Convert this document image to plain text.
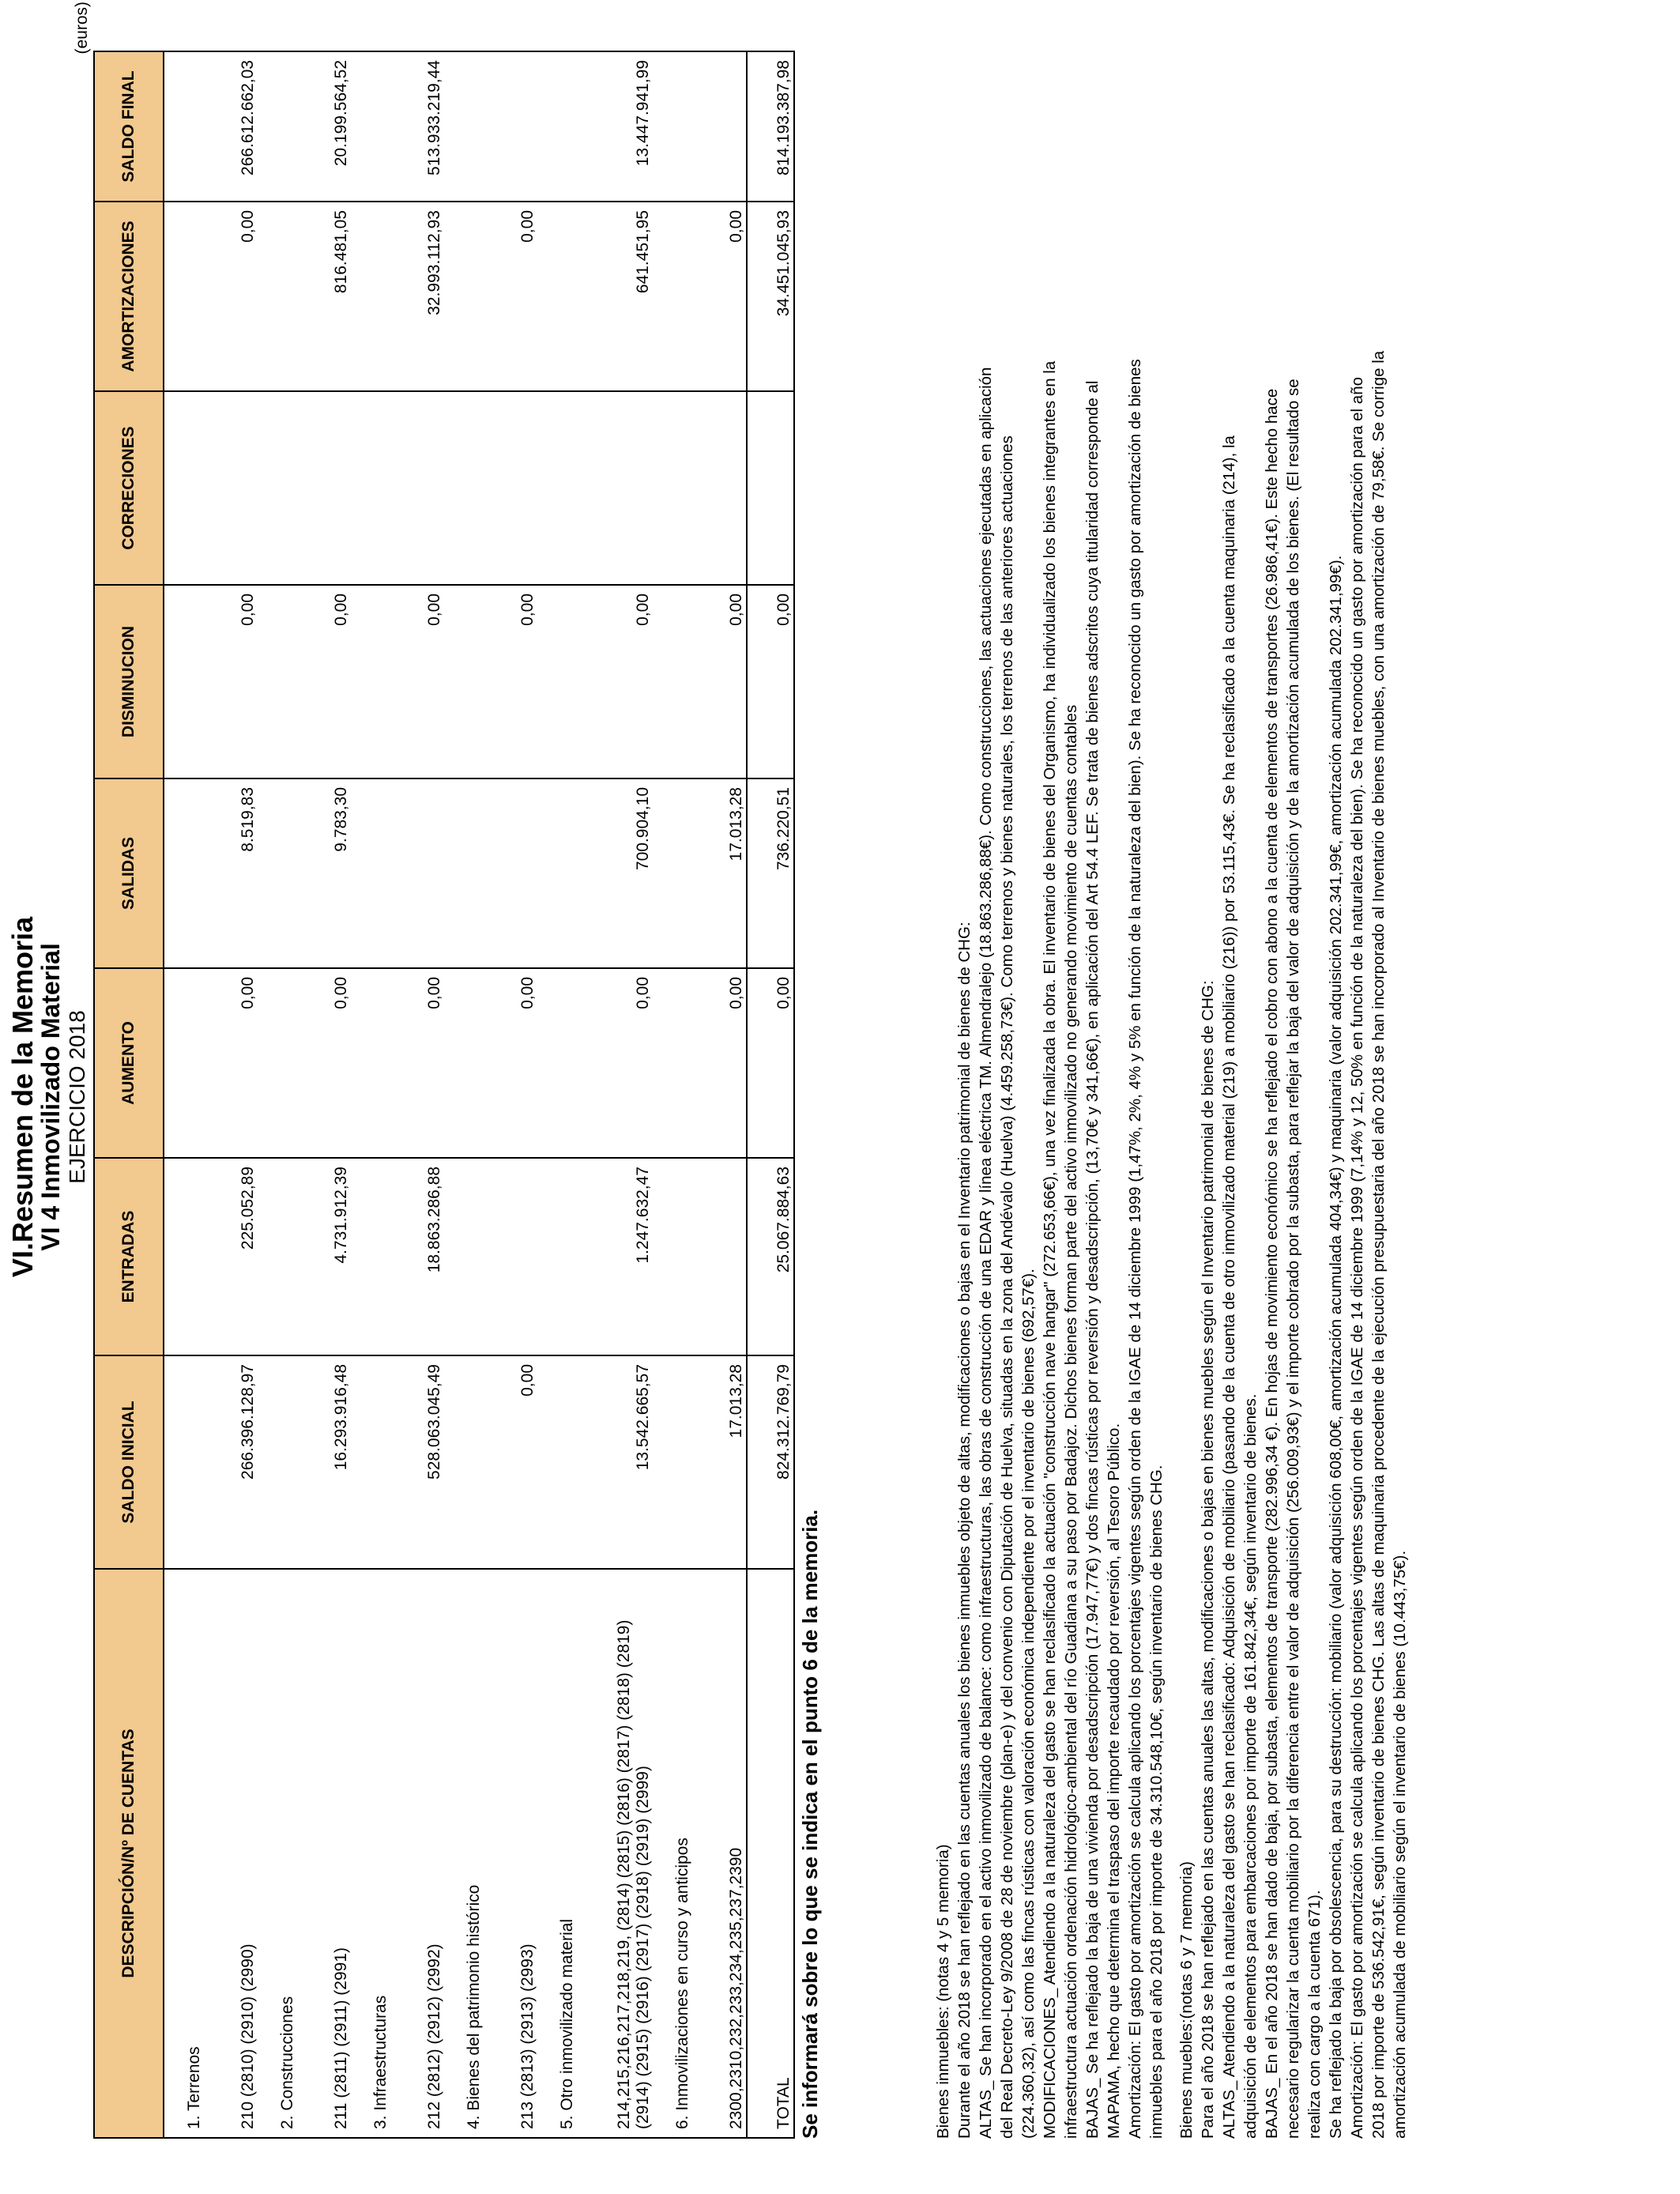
VI.Resumen de la Memoria
VI 4 Inmovilizado Material EJERCICIO 2018
(euros)
DESCRIPCIÓN/Nº DE CUENTAS	SALDO INICIAL	ENTRADAS	AUMENTO	SALIDAS	DISMINUCION	CORRECIONES	AMORTIZACIONES	SALDO FINAL
1. Terrenos								
210 (2810) (2910) (2990)	266.396.128,97	225.052,89	0,00	8.519,83	0,00		0,00	266.612.662,03
2. Construcciones								
211 (2811) (2911) (2991)	16.293.916,48	4.731.912,39	0,00	9.783,30	0,00		816.481,05	20.199.564,52
3. Infraestructuras								
212 (2812) (2912) (2992)	528.063.045,49	18.863.286,88	0,00		0,00		32.993.112,93	513.933.219,44
4. Bienes del patrimonio histórico								
213 (2813) (2913) (2993)	0,00		0,00		0,00		0,00	
5. Otro inmovilizado material								
214,215,216,217,218,219, (2814) (2815) (2816) (2817) (2818) (2819) (2914) (2915) (2916) (2917) (2918) (2919) (2999)	13.542.665,57	1.247.632,47	0,00	700.904,10	0,00		641.451,95	13.447.941,99
6. Inmovilizaciones en curso y anticipos								
2300,2310,232,233,234,235,237,2390	17.013,28		0,00	17.013,28	0,00		0,00	
TOTAL	824.312.769,79	25.067.884,63	0,00	736.220,51	0,00		34.451.045,93	814.193.387,98
Se informará sobre lo que se indica en el punto 6 de la memoria.	Bienes inmuebles: (notas 4 y 5 memoria) Durante el año 2018 se han reflejado en las cuentas anuales los bienes inmuebles objeto de altas, modificaciones o bajas en el Inventario patrimonial de bienes de CHG: ALTAS_ Se han incorporado en el activo inmovilizado de balance: como infraestructuras, las obras de construcción de una EDAR y línea eléctrica TM. Almendralejo (18.863.286,88€). Como construcciones, las actuaciones ejecutadas en aplicación del Real Decreto-Ley 9/2008 de 28 de noviembre (plan-e) y del convenio con Diputación de Huelva, situadas en la zona del Andévalo (Huelva) (4.459.258,73€). Como terrenos y bienes naturales, los terrenos de las anteriores actuaciones (224.360,32), así como las fincas rústicas con valoración económica independiente por el inventario de bienes (692,57€). MODIFICACIONES_ Atendiendo a la naturaleza del gasto se han reclasificado la actuación "construcción nave hangar" (272.653,66€), una vez finalizada la obra. El inventario de bienes del Organismo, ha individualizado los bienes integrantes en la infraestructura actuación ordenación hidrológico-ambiental del río Guadiana a su paso por Badajoz. Dichos bienes forman parte del activo inmovilizado no generando movimiento de cuentas contables BAJAS_ Se ha reflejado la baja de una vivienda por desadscripción (17.947,77€) y dos fincas rústicas por reversión y desadscripción, (13,70€ y 341,66€), en aplicación del Art 54.4 LEF. Se trata de bienes adscritos cuya titularidad corresponde al MAPAMA, hecho que determina el traspaso del importe recaudado por reversión, al Tesoro Público. Amortización: El gasto por amortización se calcula aplicando los porcentajes vigentes según orden de la IGAE de 14 diciembre 1999 (1,47%, 2%, 4% y 5% en función de la naturaleza del bien). Se ha reconocido un gasto por amortización de bienes inmuebles para el año 2018 por importe de 34.310.548,10€, según inventario de bienes CHG. Bienes muebles:(notas 6 y 7 memoria) Para el año 2018 se han reflejado en las cuentas anuales las altas, modificaciones o bajas en bienes muebles según el Inventario patrimonial de bienes de CHG: ALTAS_ Atendiendo a la naturaleza del gasto se han reclasificado: Adquisición de mobiliario (pasando de la cuenta de otro inmovilizado material (219) a mobiliario (216)) por 53.115,43€. Se ha reclasificado a la cuenta maquinaria (214), la adquisición de elementos para embarcaciones por importe de 161.842,34€, según inventario de bienes. BAJAS_ En el año 2018 se han dado de baja, por subasta, elementos de transporte (282.996,34 €). En hojas de movimiento económico se ha reflejado el cobro con abono a la cuenta de elementos de transportes (26.986,41€). Este hecho hace necesario regularizar la cuenta mobiliario por la diferencia entre el valor de adquisición (256.009,93€) y el importe cobrado por la subasta, para reflejar la baja del valor de adquisición y de la amortización acumulada de los bienes. (El resultado se realiza con cargo a la cuenta 671). Se ha reflejado la baja por obsolescencia, para su destrucción: mobiliario (valor adquisición 608,00€, amortización acumulada 404,34€) y maquinaria (valor adquisición 202.341,99€, amortización acumulada 202.341,99€). Amortización: El gasto por amortización se calcula aplicando los porcentajes vigentes según orden de la IGAE de 14 diciembre 1999 (7,14% y 12, 50% en función de la naturaleza del bien). Se ha reconocido un gasto por amortización para el año 2018 por importe de 536.542,91€, según inventario de bienes CHG. Las altas de maquinaria procedente de la ejecución presupuestaria del año 2018 se han incorporado al Inventario de bienes muebles, con una amortización de 79,58€. Se corrige la amortización acumulada de mobiliario según el inventario de bienes (10.443,75€).
